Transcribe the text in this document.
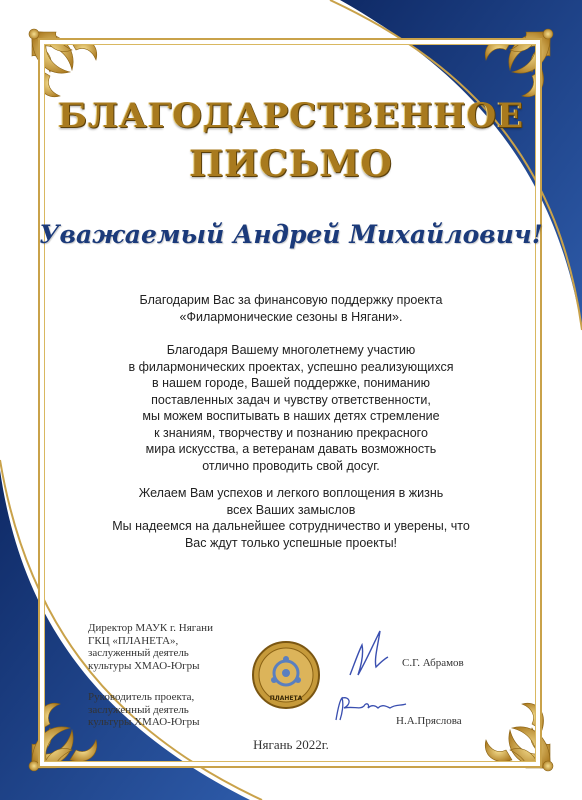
БЛАГОДАРСТВЕННОЕ
ПИСЬМО
Уважаемый Андрей Михайлович!
Благодарим Вас за финансовую поддержку проекта
«Филармонические сезоны в Нягани».
Благодаря Вашему многолетнему участию
в филармонических проектах, успешно реализующихся
в нашем городе, Вашей поддержке, пониманию
поставленных задач и чувству ответственности,
мы можем воспитывать в наших детях стремление
к знаниям, творчеству и познанию прекрасного
мира искусства, а ветеранам давать возможность
отлично проводить свой досуг.
Желаем Вам успехов и легкого воплощения в жизнь
всех Ваших замыслов
Мы надеемся на дальнейшее сотрудничество и уверены, что
Вас ждут только успешные проекты!
Директор МАУК г. Нягани
ГКЦ «ПЛАНЕТА»,
заслуженный деятель
культуры ХМАО-Югры	С.Г. Абрамов
Руководитель проекта,
заслуженный деятель
культуры ХМАО-Югры	Н.А.Пряслова
ПЛАНЕТА
Нягань 2022г.
